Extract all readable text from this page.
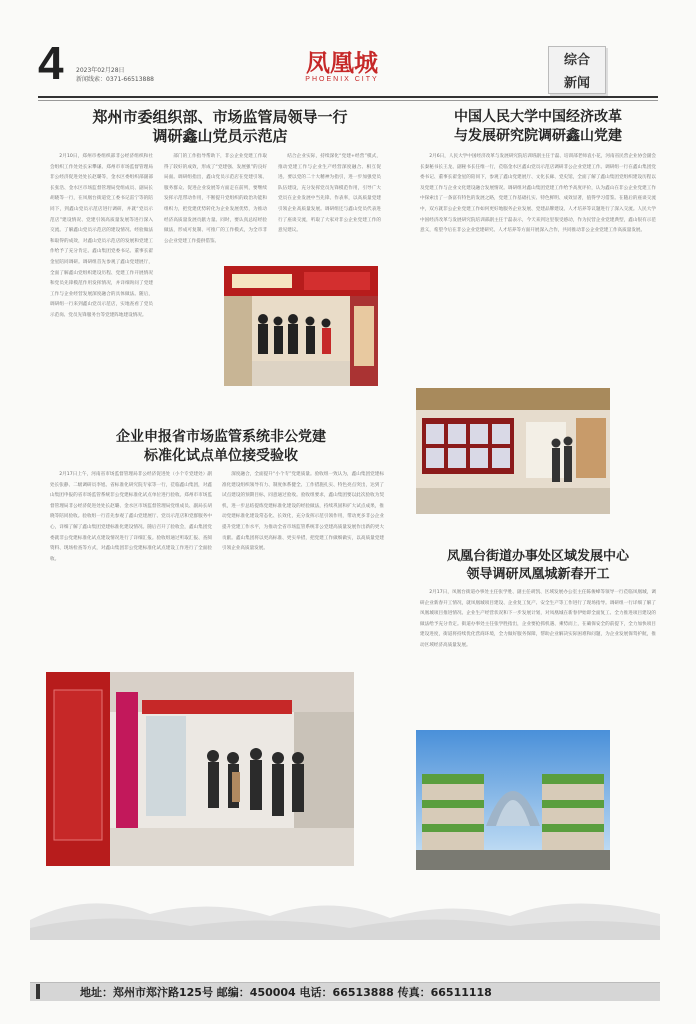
4 2023年02月28日
新闻线索：0371-66513888
凤凰城
PHOENIX CITY
综合
新闻
郑州市委组织部、市场监管局领导一行
调研鑫山党员示范店

2月10日，郑州市委组织部非公经济组织和社会组织工作处处长宋攀谦、郑州市市场监督管理局非公经济促进处处长赵璐等，金水区委组织部副部长张浩、金水区市场监督管理局党组成员、副局长胡晓等一行，在凤凰台街道党工委书记雷宁等的陪同下，到鑫山党员示范店进行调研，并就“党员示范店”建设情况、党建引领高质量发展等进行深入交流。了解鑫山党员示范店的建设情况、经验做法和取得的成效，对鑫山党员示范店的发展和党建工作给予了充分肯定。鑫山集团党委书记、董事长翟金星陪同调研。调研组首先参观了鑫山党建展厅，全面了解鑫山党组织建设历程、党建工作开展情况和党员先锋模范作用发挥情况，并详细询问了党建工作与企业经营发展深度融合的具体做法。随后，调研组一行来到鑫山党员示范店，实地查看了党员示范岗、党员先锋服务台等党建阵地建设情况。

部门的工作指导帮助下，非公企业党建工作取得了较好的成效，形成了“党建强、发展强”的良好局面。调研组指出，鑫山党员示范店在党建引领、服务群众、促进企业发展等方面走在前列，要继续发挥示范带动作用，不断提升党组织的政治功能和组织力，把党建优势转化为企业发展优势，为推动经济高质量发展贡献力量。同时，要认真总结经验做法，形成可复制、可推广的工作模式，为全市非公企业党建工作提供借鉴。

结合企业实际，持续深化“党建+经营”模式，推动党建工作与企业生产经营深度融合、相互促进。要以党的二十大精神为指引，进一步加强党员队伍建设，充分发挥党员先锋模范作用，引导广大党员在企业发展中当先锋、作表率，以高质量党建引领企业高质量发展。调研组还与鑫山党员代表进行了座谈交流，听取了大家对非公企业党建工作的意见建议。

中国人民大学中国经济改革
与发展研究院调研鑫山党建

2月6日，人民大学中国经济改革与发展研究院培训班副主任于磊、培训部老师袁小花，河南省民营企业协会副会长秦秘书长王龙、副秘书长任维一行，莅临金水区鑫山党员示范店调研非公企业党建工作。调研组一行在鑫山集团党委书记、董事长翟金星的陪同下，参观了鑫山党建展厅、文化长廊、党史馆，全面了解了鑫山集团党组织建设历程以及党建工作与企业文化建设融合发展情况。调研组对鑫山集团党建工作给予高度评价，认为鑫山在非公企业党建工作中探索出了一条富有特色的发展之路，党建工作基础扎实、特色鲜明、成效显著，值得学习借鉴。在随后的座谈交流中，双方就非公企业党建工作如何更好地服务企业发展、党建品牌建设、人才培养等议题进行了深入交流。人民大学中国经济改革与发展研究院培训部副主任于磊表示，今天来到这里很受感动，作为民营企业党建典型，鑫山很有示范意义，希望今后在非公企业党建研究、人才培养等方面开展深入合作，共同推动非公企业党建工作高质量发展。

企业申报省市场监管系统非公党建
标准化试点单位接受验收

2月17日上午，河南省市场监督管理局非公经济促进处（小个专党建处）副处长张静、二级调研员李旭、省标准化研究院专家等一行，莅临鑫山集团，对鑫山集团申报的省市场监管系统非公党建标准化试点单位进行验收。郑州市市场监督管理局非公经济促进处处长赵璐、金水区市场监督管理局党组成员、副局长胡晓等陪同验收。验收组一行首先参观了鑫山党建展厅、党员示范店和党群服务中心，详细了解了鑫山集团党建标准化建设情况。随后召开了验收会，鑫山集团党委就非公党建标准化试点建设情况进行了详细汇报。验收组通过听取汇报、查阅资料、现场检查等方式，对鑫山集团非公党建标准化试点建设工作进行了全面验收。

深度融合，全面提升“小个专”党建质量。验收组一致认为，鑫山集团党建标准化建设组织领导有力、制度体系健全、工作措施扎实、特色亮点突出，达到了试点建设的预期目标，同意通过验收。验收组要求，鑫山集团要以此次验收为契机，进一步总结提炼党建标准化建设的经验做法，持续巩固和扩大试点成果，推动党建标准化建设常态化、长效化，充分发挥示范引领作用，带动更多非公企业提升党建工作水平，为推动全省市场监管系统非公党建高质量发展作出新的更大贡献。鑫山集团将以更高标准、更实举措，把党建工作做细做实，以高质量党建引领企业高质量发展。

凤凰台街道办事处区域发展中心
领导调研凤凰城新春开工

2月17日，凤凰台街道办事处主任张学胜、副主任胡凯、区域发展办公室主任陈俊峰等领导一行莅临凤凰城，调研企业新春开工情况，就凤凰城项目建设、企业复工复产、安全生产等工作进行了现场指导。调研组一行详细了解了凤凰城项目推进情况、企业生产经营状况和下一步发展计划，对凤凰城在新春伊始即全面复工、全力推进项目建设的做法给予充分肯定。街道办事处主任张学胜指出，企业要抢抓机遇、乘势而上，在确保安全的前提下，全力加快项目建设进度，街道将持续优化营商环境，全力做好服务保障，帮助企业解决实际困难和问题，为企业发展保驾护航，推动区域经济高质量发展。

地址：郑州市郑汴路125号 邮编：450004 电话：66513888 传真：66511118
